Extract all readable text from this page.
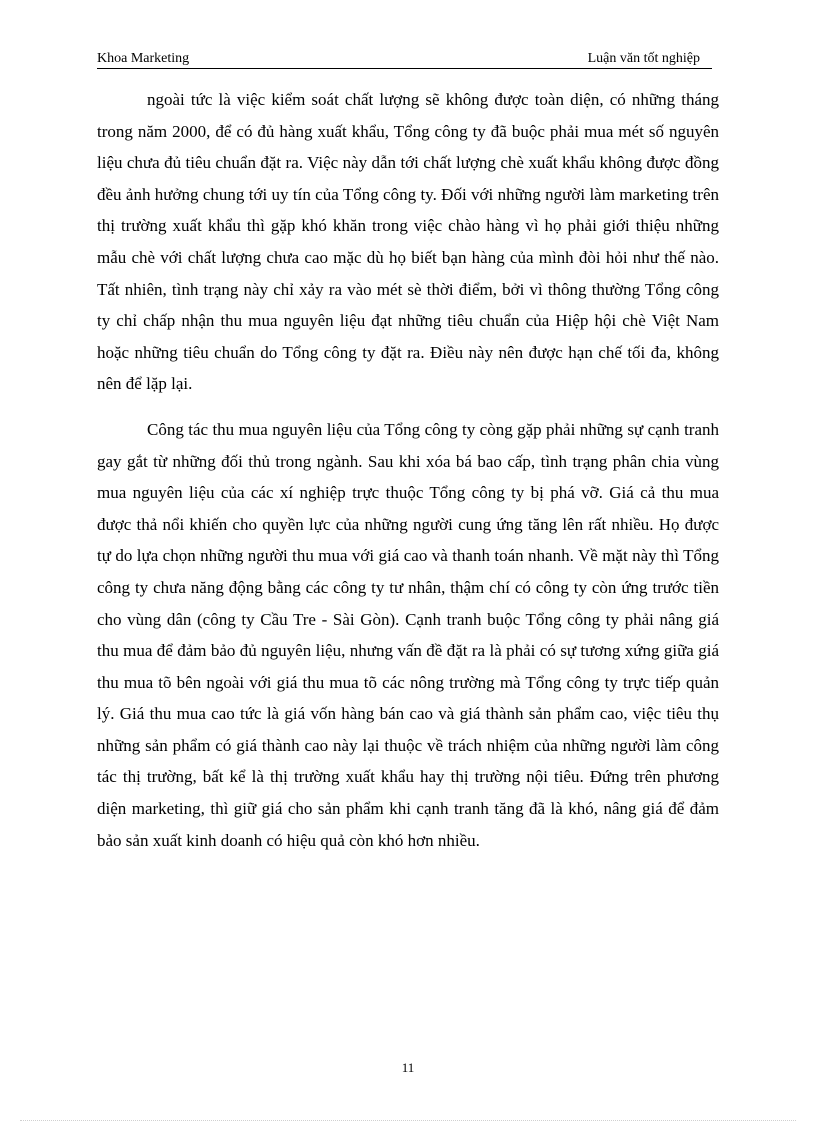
Khoa Marketing	Luận văn tốt nghiệp

ngoài tức là việc kiểm soát chất lượng sẽ không được toàn diện, có những tháng trong năm 2000, để có đủ hàng xuất khẩu, Tổng công ty đã buộc phải mua mét số nguyên liệu chưa đủ tiêu chuẩn đặt ra. Việc này dẫn tới chất lượng chè xuất khẩu không được đồng đều ảnh hưởng chung tới uy tín của Tổng công ty. Đối với những người làm marketing trên thị trường xuất khẩu thì gặp khó khăn trong việc chào hàng vì họ phải giới thiệu những mẫu chè với chất lượng chưa cao mặc dù họ biết bạn hàng của mình đòi hỏi như thế nào. Tất nhiên, tình trạng này chỉ xảy ra vào mét sè thời điểm, bởi vì thông thường Tổng công ty chỉ chấp nhận thu mua nguyên liệu đạt những tiêu chuẩn của Hiệp hội chè Việt Nam hoặc những tiêu chuẩn do Tổng công ty đặt ra. Điều này nên được hạn chế tối đa, không nên để lặp lại.

Công tác thu mua nguyên liệu của Tổng công ty còng gặp phải những sự cạnh tranh gay gắt từ những đối thủ trong ngành. Sau khi xóa bá bao cấp, tình trạng phân chia vùng mua nguyên liệu của các xí nghiệp trực thuộc Tổng công ty bị phá vỡ. Giá cả thu mua được thả nổi khiến cho quyền lực của những người cung ứng tăng lên rất nhiều. Họ được tự do lựa chọn những người thu mua với giá cao và thanh toán nhanh. Về mặt này thì Tổng công ty chưa năng động bằng các công ty tư nhân, thậm chí có công ty còn ứng trước tiền cho vùng dân (công ty Cầu Tre - Sài Gòn). Cạnh tranh buộc Tổng công ty phải nâng giá thu mua để đảm bảo đủ nguyên liệu, nhưng vấn đề đặt ra là phải có sự tương xứng giữa giá thu mua tõ bên ngoài với giá thu mua tõ các nông trường mà Tổng công ty trực tiếp quản lý. Giá thu mua cao tức là giá vốn hàng bán cao và giá thành sản phẩm cao, việc tiêu thụ những sản phẩm có giá thành cao này lại thuộc về trách nhiệm của những người làm công tác thị trường, bất kể là thị trường xuất khẩu hay thị trường nội tiêu. Đứng trên phương diện marketing, thì giữ giá cho sản phẩm khi cạnh tranh tăng đã là khó, nâng giá để đảm bảo sản xuất kinh doanh có hiệu quả còn khó hơn nhiều.

11
